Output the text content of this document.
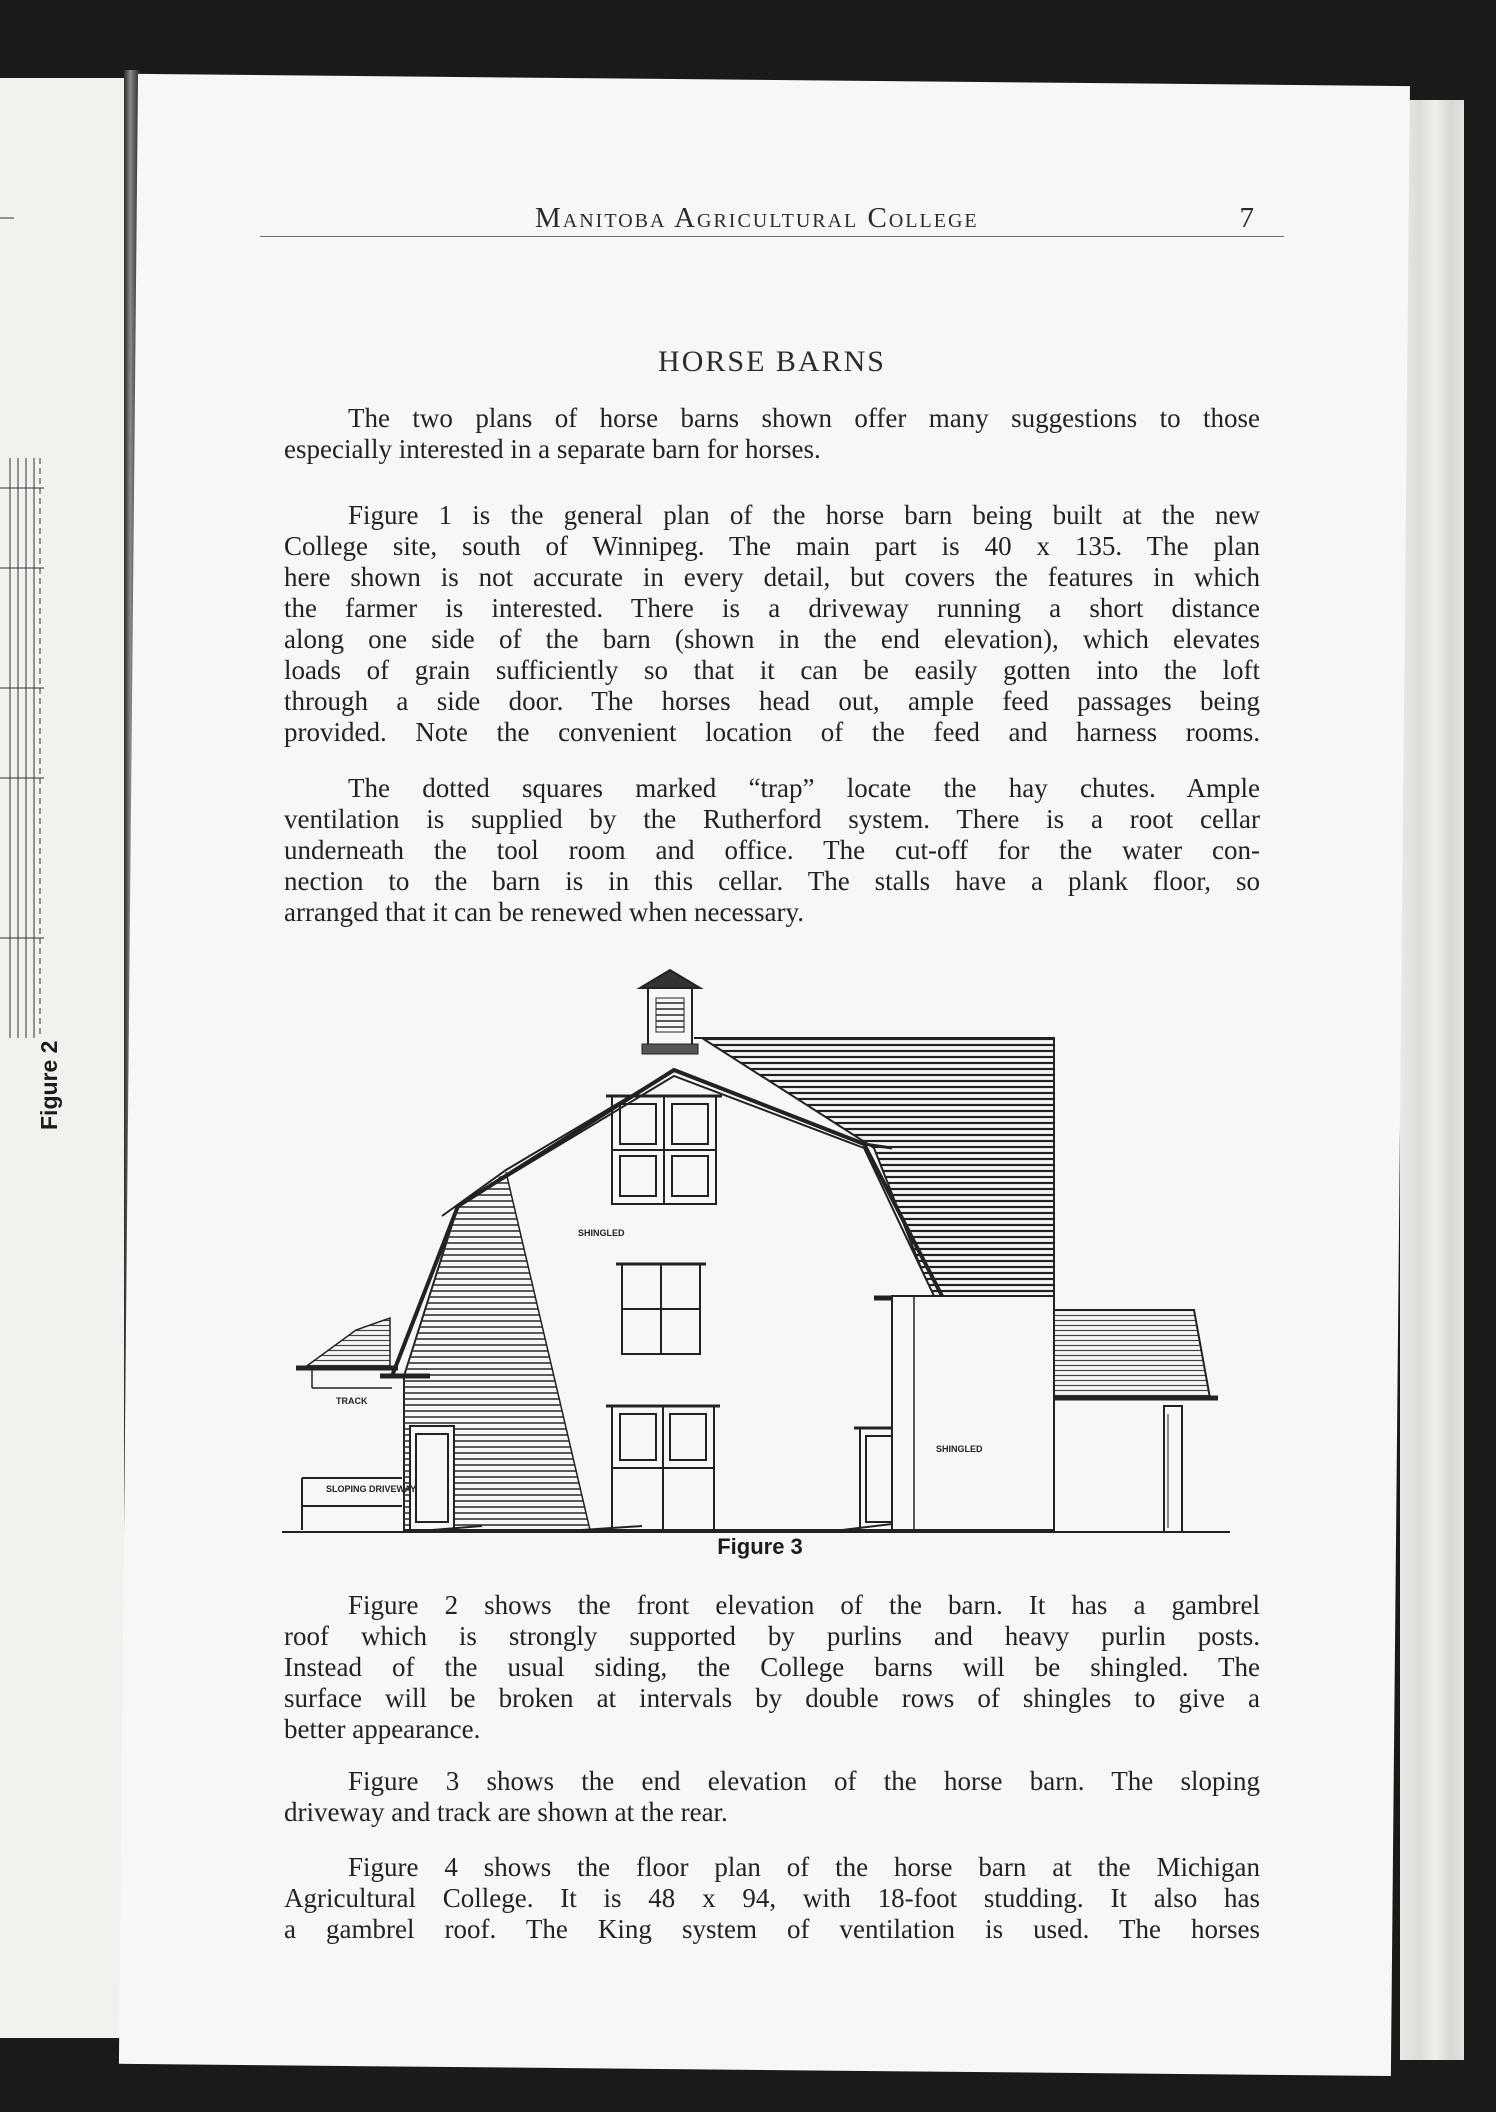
Figure 2
Manitoba Agricultural College	7
HORSE BARNS

The two plans of horse barns shown offer many suggestions to those
especially interested in a separate barn for horses.

Figure 1 is the general plan of the horse barn being built at the new
College site, south of Winnipeg. The main part is 40 x 135. The plan
here shown is not accurate in every detail, but covers the features in which
the farmer is interested. There is a driveway running a short distance
along one side of the barn (shown in the end elevation), which elevates
loads of grain sufficiently so that it can be easily gotten into the loft
through a side door. The horses head out, ample feed passages being
provided. Note the convenient location of the feed and harness rooms.

The dotted squares marked “trap” locate the hay chutes. Ample
ventilation is supplied by the Rutherford system. There is a root cellar
underneath the tool room and office. The cut-off for the water con-
nection to the barn is in this cellar. The stalls have a plank floor, so
arranged that it can be renewed when necessary.

SHINGLED
SHINGLED
TRACK
SLOPING DRIVEWAY
Figure 3

Figure 2 shows the front elevation of the barn. It has a gambrel
roof which is strongly supported by purlins and heavy purlin posts.
Instead of the usual siding, the College barns will be shingled. The
surface will be broken at intervals by double rows of shingles to give a
better appearance.

Figure 3 shows the end elevation of the horse barn. The sloping
driveway and track are shown at the rear.

Figure 4 shows the floor plan of the horse barn at the Michigan
Agricultural College. It is 48 x 94, with 18-foot studding. It also has
a gambrel roof. The King system of ventilation is used. The horses
